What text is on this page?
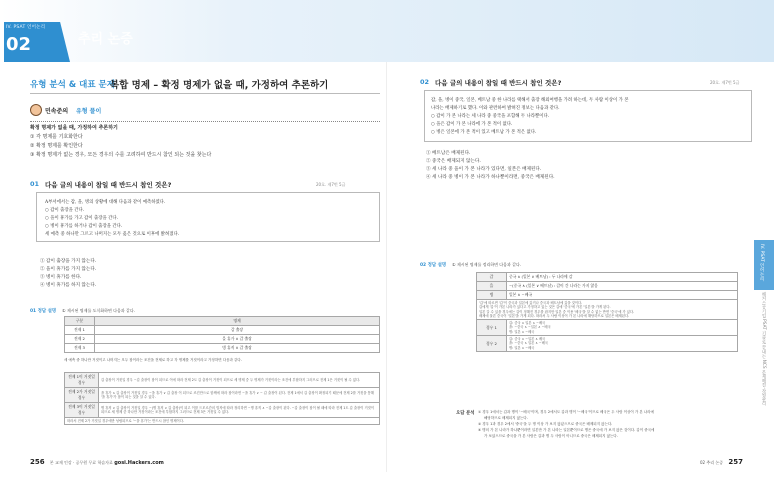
IV. PSAT 언어논리
02	추리 논증
유형 분석 & 대표 문제
복합 명제 – 확정 명제가 없을 때, 가정하여 추론하기
민속준의 유형 풀이
확정 명제가 없을 때, 가정하여 추론하기
① 각 명제를 기호화한다
② 확정 명제를 확인한다
③ 확정 명제가 없는 경우, 모든 경우의 수를 고려하여 반드시 참인 되는 것을 찾는다
01 다음 글의 내용이 참일 때 반드시 참인 것은?	20호. 제7번 5급
A부서에서는 갑, 을, 병의 상황에 대해 다음과 같이 예측하였다.
○ 갑이 출장을 간다.
○ 을이 휴가를 가고 갑이 출장을 간다.
○ 병이 휴가를 하거나 갑이 출장을 간다.
세 예측 중 하나만 그르고 나머지는 모두 옳은 것으로 이후에 밝혀졌다.
① 갑이 출장을 가지 않는다.
② 을이 휴가를 가지 않는다.
③ 병이 휴가를 한다.
④ 병이 휴가를 하지 않는다.
01 정답 설명 ① 제시된 명제를 도식화하면 다음과 같다.
구분	명제
전제 1	갑 출장
전제 2	을 휴가 ∧ 갑 출장
전제 3	병 휴직 ∨ 갑 출장
세 예측 중 하나만 거짓이고 나머지는 모두 참이라는 조건을 전제로 하고 각 명제를 거짓이라고 가정하면 다음과 같다.
전제 1이 거짓일 경우	갑 출장이 거짓일 경우 ~갑 출장이 참이 되므로 이에 따라 전제 2도 갑 출장이 거짓이 되므로 세 명제 중 두 명제가 거짓이라는 조건에 부합하지 그러므로 전제 1은 거짓이 될 수 없다.
전제 2가 거짓일 경우	을 휴가 ∧ 갑 출장이 거짓일 경우 ~을 휴가 ∨ 갑 출장 이 되므로 조건만으로 함께에 따라 참이라면 ~을 휴가 ∨ ~ 갑 출장이 된다. 전제 1에서 갑 출장이 확정되기 때문에 전제 2를 거짓을 통해 '을 휴가'가 참이 되는 것을 알 수 있다.
전제 3이 거짓일 경우	병 휴직 ∨ 갑 출장이 거짓일 경우 ~(병 휴직 ∨ 갑 출장)이 되고 이를 드모르간의 법칙에 따라 정리하면 ~병 휴직 ∧ ~갑 출장이 된다. ~갑 출장이 참이 될 때에 따라 전제 1도 갑 출장이 거짓이 되므로 세 명제 중 하나만 거짓이라는 조건에 부합하지 그러므로 전제 3은 거짓일 수 없다.
따라서 전제 2가 거짓일 경우에만 성립되므로 '~을 휴가'는 반드시 참인 명제이다.	
02 다음 글의 내용이 참일 때 반드시 참인 것은?	20호. 제7번 5급
갑, 을, 병이 중국, 일본, 베트남 중 한 나라를 택해서 출장 해외여행을 가려 하는데, 두 사람 이상이 가 본
나라는 배제하기로 했다. 이와 관련하여 밝혀진 정보는 다음과 같다.
○ 갑이 가 본 나라는 세 나라 중 중국을 포함해 두 나라뿐이다.
○ 을은 갑이 가 본 나라에 가 본 적이 없다.
○ 병은 일본에 가 본 적이 있고 베트남 가 본 적은 없다.
① 베트남은 배제된다.
② 중국은 배제되지 않는다.
③ 세 나라 중 을이 가 본 나라가 있다면, 일본은 배제된다.
④ 세 나라 중 병이 가 본 나라가 하나뿐이라면, 중국은 배제된다.
02 정답 설명 ① 제시된 명제를 정리하면 다음과 같다.
갑	중국 ∧ (일본 ∨ 베트남) : 두 나라에 감
을	~(중국 ∧ (일본 ∨ 베트남) : 갑이 간 나라는 가지 않음
병	일본 ∧ ~베국

'갑'에 따르면 '갑'이 중국과 일본에 갔거나 중국과 베트남에 갔을 것이다.
갑에게 '갑'이 가본 나라가 있다고 가정하고 있는 것은 갑에 '중국'에 가본 '일본'을 가게 된다.
일본 갈 수 있을 경우에는 갑이 정해진 경우를 잡지만 일본 중 이용 '베국'을 알 수 없는 반면 '중국'에 가 있다.
배제에 물론 중국이 '일본'을 가게 되다. 따라서 두 사람 이상이 가 본 나라에 해당하므로 일본은 배제된다.	

경우 1	갑: 중국 ∧ 일본 ∧ ~베국
을: ~중국 ∧ ~일본 ∧ ~베국
병: 일본 ∧ ~베국

경우 2	갑: 중국 ∧ ~일본 ∧ 베국
을: ~중국 ∧ 일본 ∧ ~베국
병: 일본 ∧ ~베국
오답 분석 ① 경우 1에서는 갑과 병이 '~베국'이며, 경우 2에서도 갑과 병이 '~베국'이므로 베국은 두 사람 이상이 가 본 나라에
해당하므로 배제되지 않는다.
② 경우 1과 경우 2에서 '중국'을 두 명 이상 가 보지 않았으므로 중국은 배제되지 않는다.
④ 병의 가 본 나라가 하나뿐이라면 일본만 가 본 나라는 일본뿐이므로 병은 중국에 가 보지 않은 것이다. 갑이 중국에
가 보았으므로 중국을 가 본 사람은 갑과 병 두 사람이 아니므로 중국은 배제되지 않는다.
IV. PSAT 언어논리
해커스공기업 PSAT 기출로 끝내는 NCS 문제해결·자원관리
256 본 교재 인강 · 공무원 무료 학습자료 gosi.Hackers.com	02 추리 논증 257
